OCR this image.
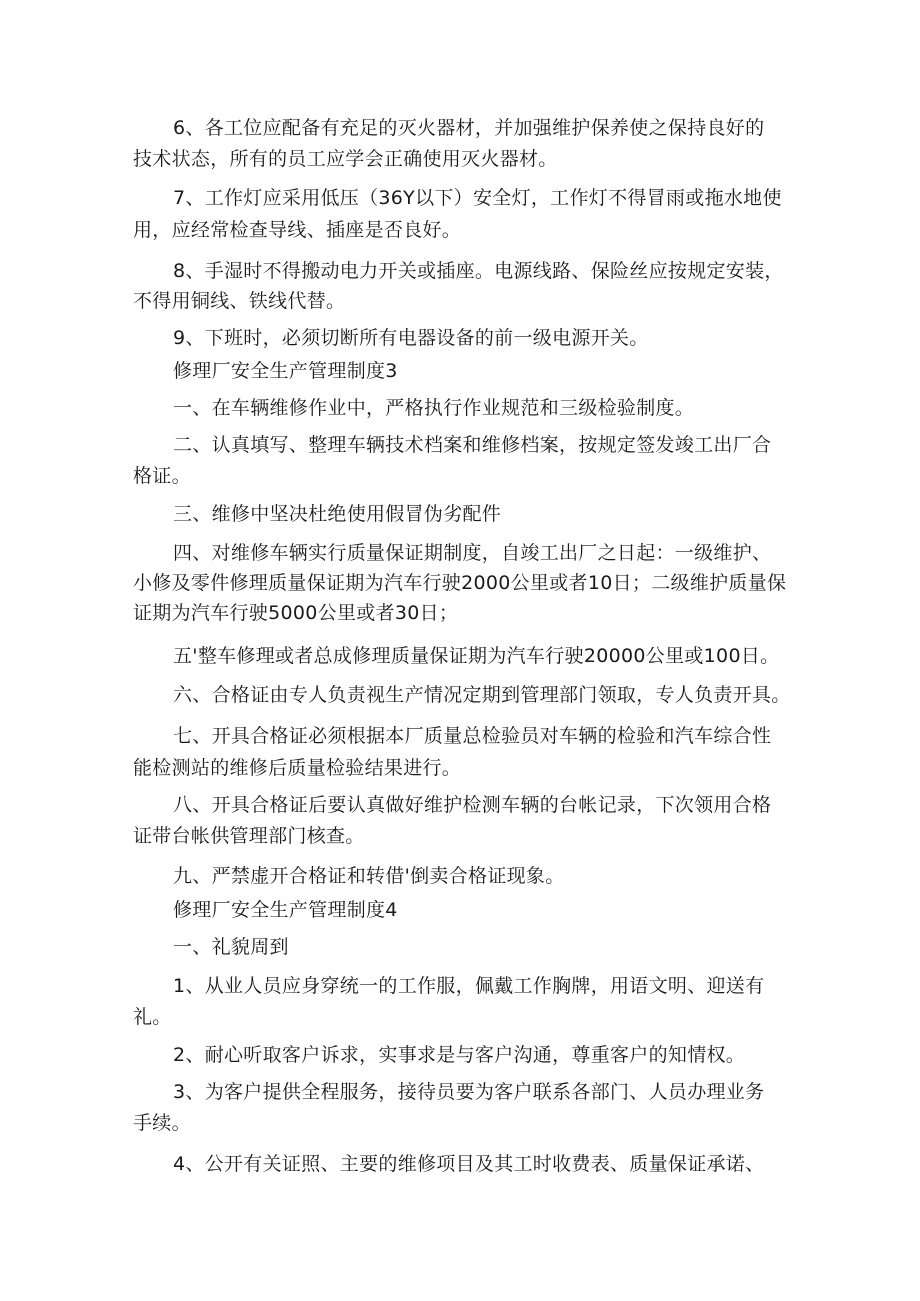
6、各工位应配备有充足的灭火器材，并加强维护保养使之保持良好的
技术状态，所有的员工应学会正确使用灭火器材。
7、工作灯应采用低压（36Y以下）安全灯，工作灯不得冒雨或拖水地使
用，应经常检查导线、插座是否良好。
8、手湿时不得搬动电力开关或插座。电源线路、保险丝应按规定安装，
不得用铜线、铁线代替。
9、下班时，必须切断所有电器设备的前一级电源开关。
修理厂安全生产管理制度3
一、在车辆维修作业中，严格执行作业规范和三级检验制度。
二、认真填写、整理车辆技术档案和维修档案，按规定签发竣工出厂合
格证。
三、维修中坚决杜绝使用假冒伪劣配件
四、对维修车辆实行质量保证期制度，自竣工出厂之日起：一级维护、
小修及零件修理质量保证期为汽车行驶2000公里或者10日；二级维护质量保
证期为汽车行驶5000公里或者30日；
五'整车修理或者总成修理质量保证期为汽车行驶20000公里或100日。
六、合格证由专人负责视生产情况定期到管理部门领取，专人负责开具。
七、开具合格证必须根据本厂质量总检验员对车辆的检验和汽车综合性
能检测站的维修后质量检验结果进行。
八、开具合格证后要认真做好维护检测车辆的台帐记录，下次领用合格
证带台帐供管理部门核查。
九、严禁虚开合格证和转借'倒卖合格证现象。
修理厂安全生产管理制度4
一、礼貌周到
1、从业人员应身穿统一的工作服，佩戴工作胸牌，用语文明、迎送有
礼。
2、耐心听取客户诉求，实事求是与客户沟通，尊重客户的知情权。
3、为客户提供全程服务，接待员要为客户联系各部门、人员办理业务
手续。
4、公开有关证照、主要的维修项目及其工时收费表、质量保证承诺、
